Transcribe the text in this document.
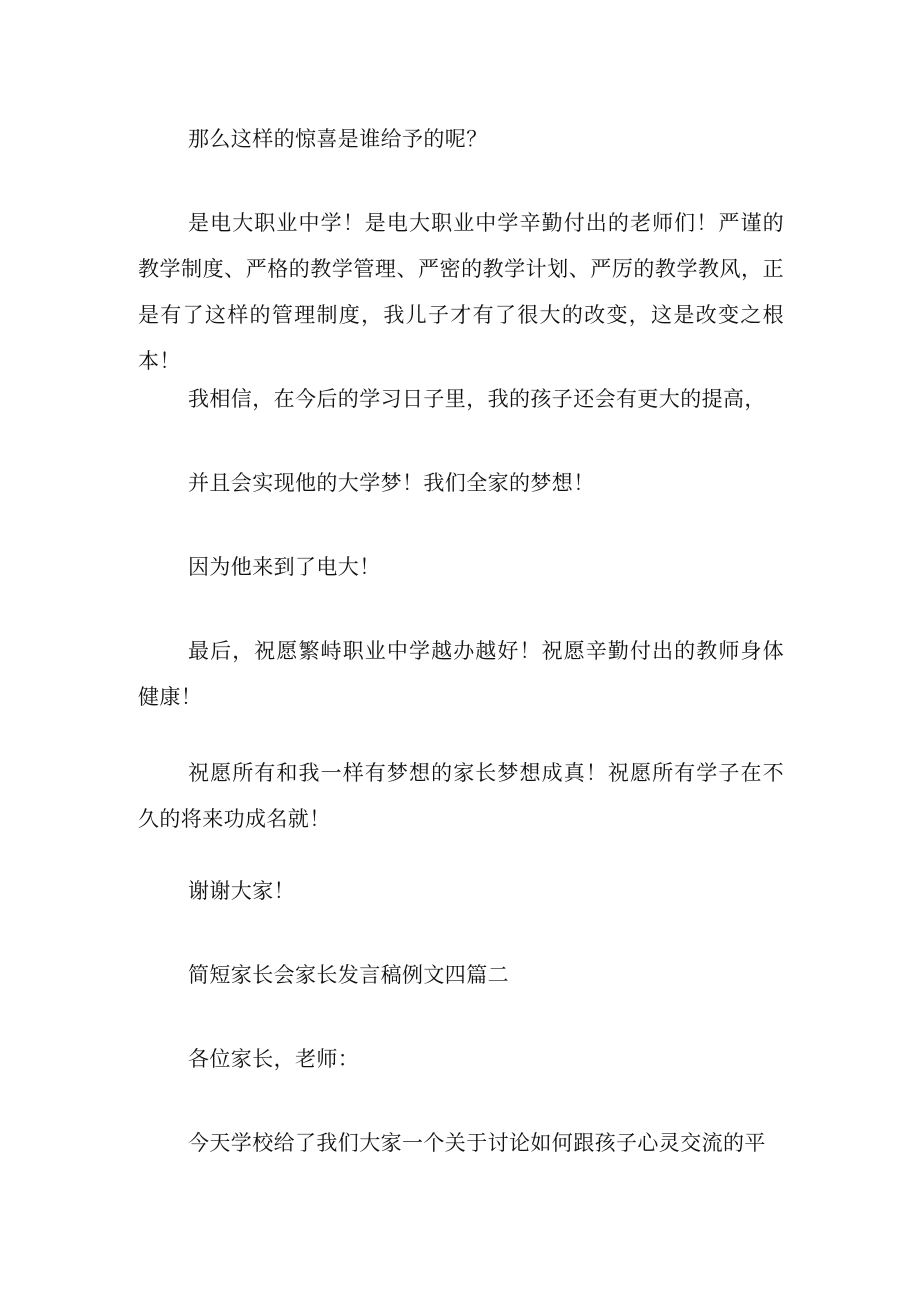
那么这样的惊喜是谁给予的呢？

是电大职业中学！是电大职业中学辛勤付出的老师们！严谨的教学制度、严格的教学管理、严密的教学计划、严厉的教学教风，正是有了这样的管理制度，我儿子才有了很大的改变，这是改变之根本！

我相信，在今后的学习日子里，我的孩子还会有更大的提高，

并且会实现他的大学梦！我们全家的梦想！

因为他来到了电大！

最后，祝愿繁峙职业中学越办越好！祝愿辛勤付出的教师身体健康！

祝愿所有和我一样有梦想的家长梦想成真！祝愿所有学子在不久的将来功成名就！

谢谢大家！

简短家长会家长发言稿例文四篇二

各位家长，老师：

今天学校给了我们大家一个关于讨论如何跟孩子心灵交流的平
